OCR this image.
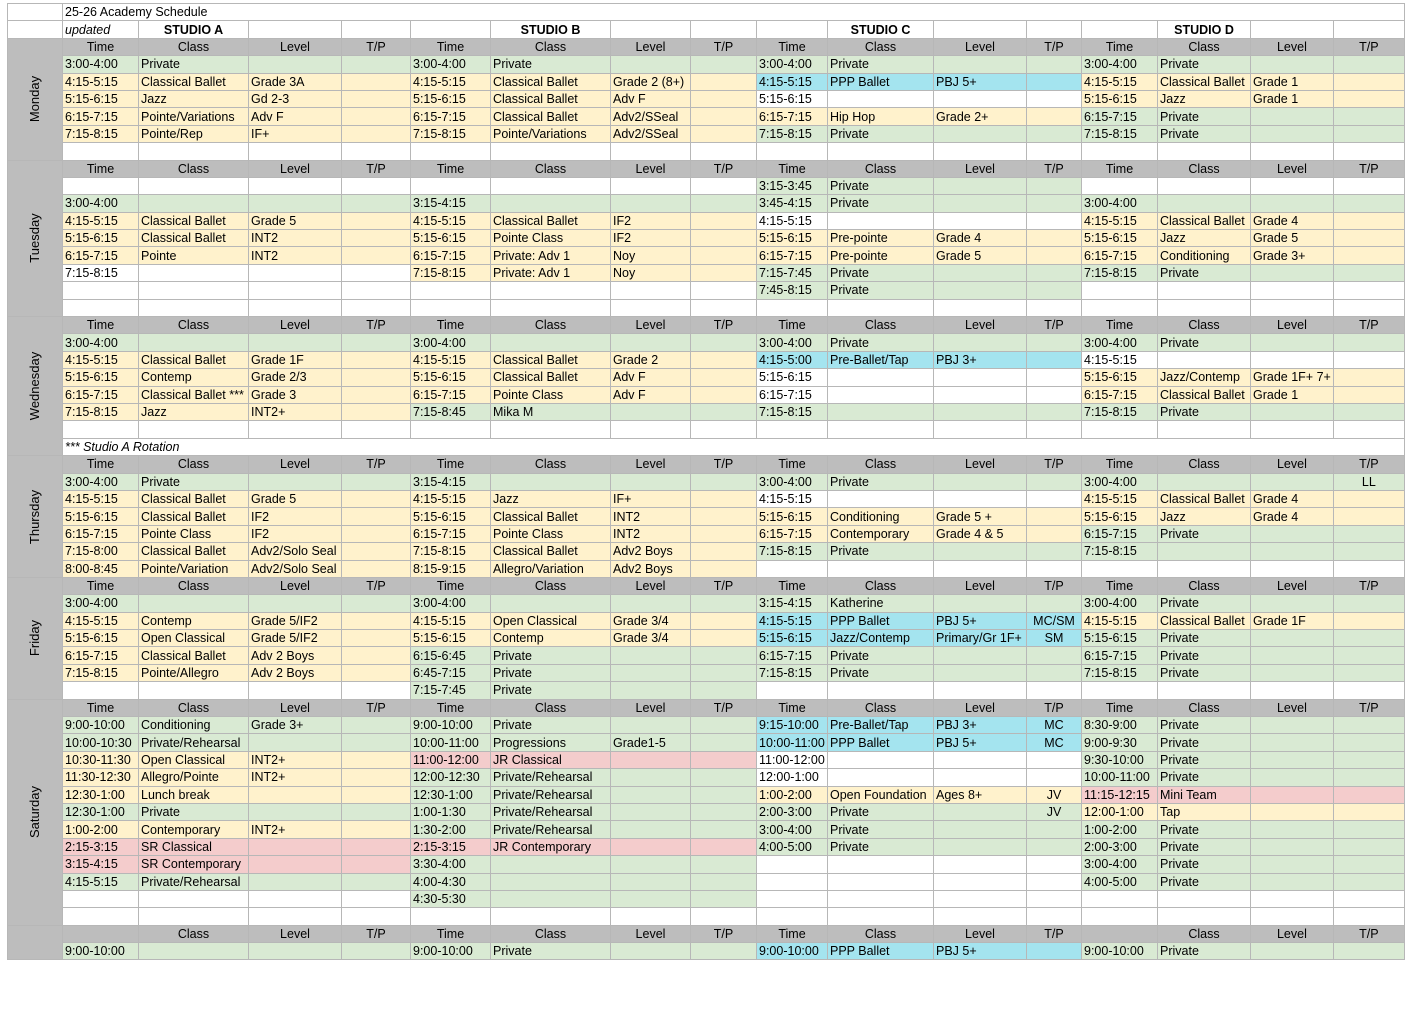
	25-26 Academy Schedule															
	updated	STUDIO A				STUDIO B				STUDIO C				STUDIO D		

Monday	Time	Class	Level	T/P	Time	Class	Level	T/P	Time	Class	Level	T/P	Time	Class	Level	T/P
	3:00-4:00	Private			3:00-4:00	Private			3:00-4:00	Private			3:00-4:00	Private		
	4:15-5:15	Classical Ballet	Grade 3A		4:15-5:15	Classical Ballet	Grade 2 (8+)		4:15-5:15	PPP Ballet	PBJ 5+		4:15-5:15	Classical Ballet	Grade 1	
	5:15-6:15	Jazz	Gd 2-3		5:15-6:15	Classical Ballet	Adv F		5:15-6:15				5:15-6:15	Jazz	Grade 1	
	6:15-7:15	Pointe/Variations	Adv F		6:15-7:15	Classical Ballet	Adv2/SSeal		6:15-7:15	Hip Hop	Grade 2+		6:15-7:15	Private		
	7:15-8:15	Pointe/Rep	IF+		7:15-8:15	Pointe/Variations	Adv2/SSeal		7:15-8:15	Private			7:15-8:15	Private		

Tuesday	Time	Class	Level	T/P	Time	Class	Level	T/P	Time	Class	Level	T/P	Time	Class	Level	T/P
									3:15-3:45	Private						
	3:00-4:00				3:15-4:15				3:45-4:15	Private			3:00-4:00			
	4:15-5:15	Classical Ballet	Grade 5		4:15-5:15	Classical Ballet	IF2		4:15-5:15				4:15-5:15	Classical Ballet	Grade 4	
	5:15-6:15	Classical Ballet	INT2		5:15-6:15	Pointe Class	IF2		5:15-6:15	Pre-pointe	Grade 4		5:15-6:15	Jazz	Grade 5	
	6:15-7:15	Pointe	INT2		6:15-7:15	Private: Adv 1	Noy		6:15-7:15	Pre-pointe	Grade 5		6:15-7:15	Conditioning	Grade 3+	
	7:15-8:15				7:15-8:15	Private: Adv 1	Noy		7:15-7:45	Private			7:15-8:15	Private		
									7:45-8:15	Private						

Wednesday	Time	Class	Level	T/P	Time	Class	Level	T/P	Time	Class	Level	T/P	Time	Class	Level	T/P
	3:00-4:00				3:00-4:00				3:00-4:00	Private			3:00-4:00	Private		
	4:15-5:15	Classical Ballet	Grade 1F		4:15-5:15	Classical Ballet	Grade 2		4:15-5:00	Pre-Ballet/Tap	PBJ 3+		4:15-5:15			
	5:15-6:15	Contemp	Grade 2/3		5:15-6:15	Classical Ballet	Adv F		5:15-6:15				5:15-6:15	Jazz/Contemp	Grade 1F+ 7+	
	6:15-7:15	Classical Ballet ***	Grade 3		6:15-7:15	Pointe Class	Adv F		6:15-7:15				6:15-7:15	Classical Ballet	Grade 1	
	7:15-8:15	Jazz	INT2+		7:15-8:45	Mika M			7:15-8:15				7:15-8:15	Private		

	*** Studio A Rotation															

Thursday	Time	Class	Level	T/P	Time	Class	Level	T/P	Time	Class	Level	T/P	Time	Class	Level	T/P
	3:00-4:00	Private			3:15-4:15				3:00-4:00	Private			3:00-4:00			LL
	4:15-5:15	Classical Ballet	Grade 5		4:15-5:15	Jazz	IF+		4:15-5:15				4:15-5:15	Classical Ballet	Grade 4	
	5:15-6:15	Classical Ballet	IF2		5:15-6:15	Classical Ballet	INT2		5:15-6:15	Conditioning	Grade 5 +		5:15-6:15	Jazz	Grade 4	
	6:15-7:15	Pointe Class	IF2		6:15-7:15	Pointe Class	INT2		6:15-7:15	Contemporary	Grade 4 & 5		6:15-7:15	Private		
	7:15-8:00	Classical Ballet	Adv2/Solo Seal		7:15-8:15	Classical Ballet	Adv2 Boys		7:15-8:15	Private			7:15-8:15			
	8:00-8:45	Pointe/Variation	Adv2/Solo Seal		8:15-9:15	Allegro/Variation	Adv2 Boys									

Friday	Time	Class	Level	T/P	Time	Class	Level	T/P	Time	Class	Level	T/P	Time	Class	Level	T/P
	3:00-4:00				3:00-4:00				3:15-4:15	Katherine			3:00-4:00	Private		
	4:15-5:15	Contemp	Grade 5/IF2		4:15-5:15	Open Classical	Grade 3/4		4:15-5:15	PPP Ballet	PBJ 5+	MC/SM	4:15-5:15	Classical Ballet	Grade 1F	
	5:15-6:15	Open Classical	Grade 5/IF2		5:15-6:15	Contemp	Grade 3/4		5:15-6:15	Jazz/Contemp	Primary/Gr 1F+	SM	5:15-6:15	Private		
	6:15-7:15	Classical Ballet	Adv 2 Boys		6:15-6:45	Private			6:15-7:15	Private			6:15-7:15	Private		
	7:15-8:15	Pointe/Allegro	Adv 2 Boys		6:45-7:15	Private			7:15-8:15	Private			7:15-8:15	Private		
					7:15-7:45	Private										

Saturday	Time	Class	Level	T/P	Time	Class	Level	T/P	Time	Class	Level	T/P	Time	Class	Level	T/P
	9:00-10:00	Conditioning	Grade 3+		9:00-10:00	Private			9:15-10:00	Pre-Ballet/Tap	PBJ 3+	MC	8:30-9:00	Private		
	10:00-10:30	Private/Rehearsal			10:00-11:00	Progressions	Grade1-5		10:00-11:00	PPP Ballet	PBJ 5+	MC	9:00-9:30	Private		
	10:30-11:30	Open Classical	INT2+		11:00-12:00	JR Classical			11:00-12:00				9:30-10:00	Private		
	11:30-12:30	Allegro/Pointe	INT2+		12:00-12:30	Private/Rehearsal			12:00-1:00				10:00-11:00	Private		
	12:30-1:00	Lunch break			12:30-1:00	Private/Rehearsal			1:00-2:00	Open Foundation	Ages 8+	JV	11:15-12:15	Mini Team		
	12:30-1:00	Private			1:00-1:30	Private/Rehearsal			2:00-3:00	Private		JV	12:00-1:00	Tap		
	1:00-2:00	Contemporary	INT2+		1:30-2:00	Private/Rehearsal			3:00-4:00	Private			1:00-2:00	Private		
	2:15-3:15	SR Classical			2:15-3:15	JR Contemporary			4:00-5:00	Private			2:00-3:00	Private		
	3:15-4:15	SR Contemporary			3:30-4:00								3:00-4:00	Private		
	4:15-5:15	Private/Rehearsal			4:00-4:30								4:00-5:00	Private		
					4:30-5:30											

		Class	Level	T/P	Time	Class	Level	T/P	Time	Class	Level	T/P		Class	Level	T/P
	9:00-10:00				9:00-10:00	Private			9:00-10:00	PPP Ballet	PBJ 5+		9:00-10:00	Private		
